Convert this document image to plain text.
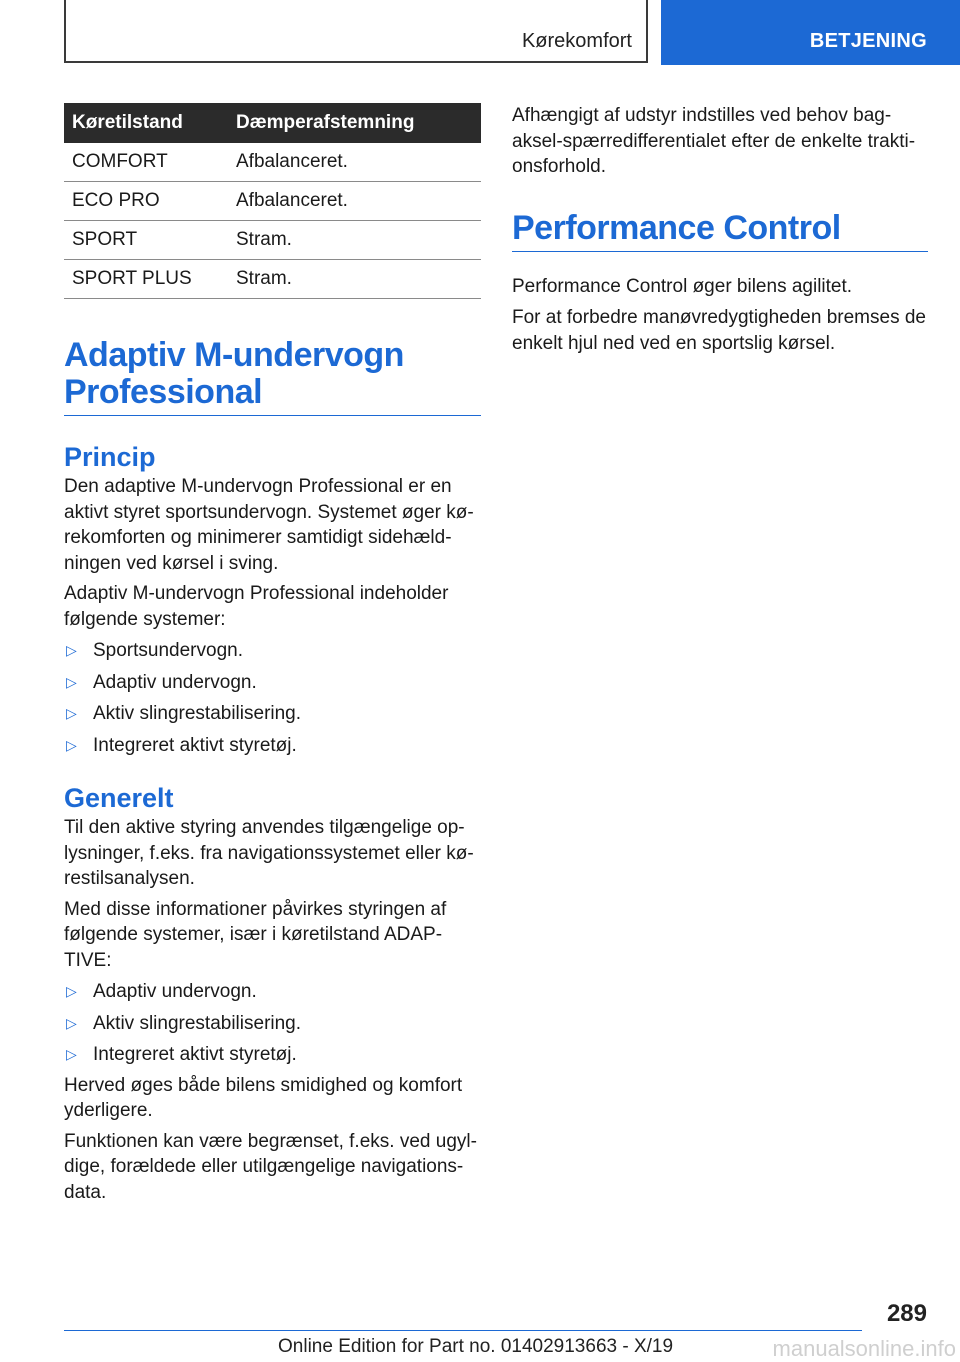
Kørekomfort	BETJENING
Køretilstand	Dæmperafstemning
COMFORT	Afbalanceret.
ECO PRO	Afbalanceret.
SPORT	Stram.
SPORT PLUS	Stram.
Adaptiv M-undervogn Professional
Princip

Den adaptive M-undervogn Professional er en aktivt styret sportsundervogn. Systemet øger kø-rekomforten og minimerer samtidigt sidehæld-ningen ved kørsel i sving.

Adaptiv M-undervogn Professional indeholder følgende systemer:

▷ Sportsundervogn.
▷ Adaptiv undervogn.
▷ Aktiv slingrestabilisering.
▷ Integreret aktivt styretøj.
Generelt

Til den aktive styring anvendes tilgængelige op-lysninger, f.eks. fra navigationssystemet eller kø-restilsanalysen.

Med disse informationer påvirkes styringen af følgende systemer, især i køretilstand ADAP-TIVE:

▷ Adaptiv undervogn.
▷ Aktiv slingrestabilisering.
▷ Integreret aktivt styretøj.

Herved øges både bilens smidighed og komfort yderligere.

Funktionen kan være begrænset, f.eks. ved ugyl-dige, forældede eller utilgængelige navigations-data.

Afhængigt af udstyr indstilles ved behov bag-aksel-spærredifferentialet efter de enkelte trakti-onsforhold.

Performance Control

Performance Control øger bilens agilitet.

For at forbedre manøvredygtigheden bremses de enkelt hjul ned ved en sportslig kørsel.

289
Online Edition for Part no. 01402913663 - X/19	manualsonline.info
